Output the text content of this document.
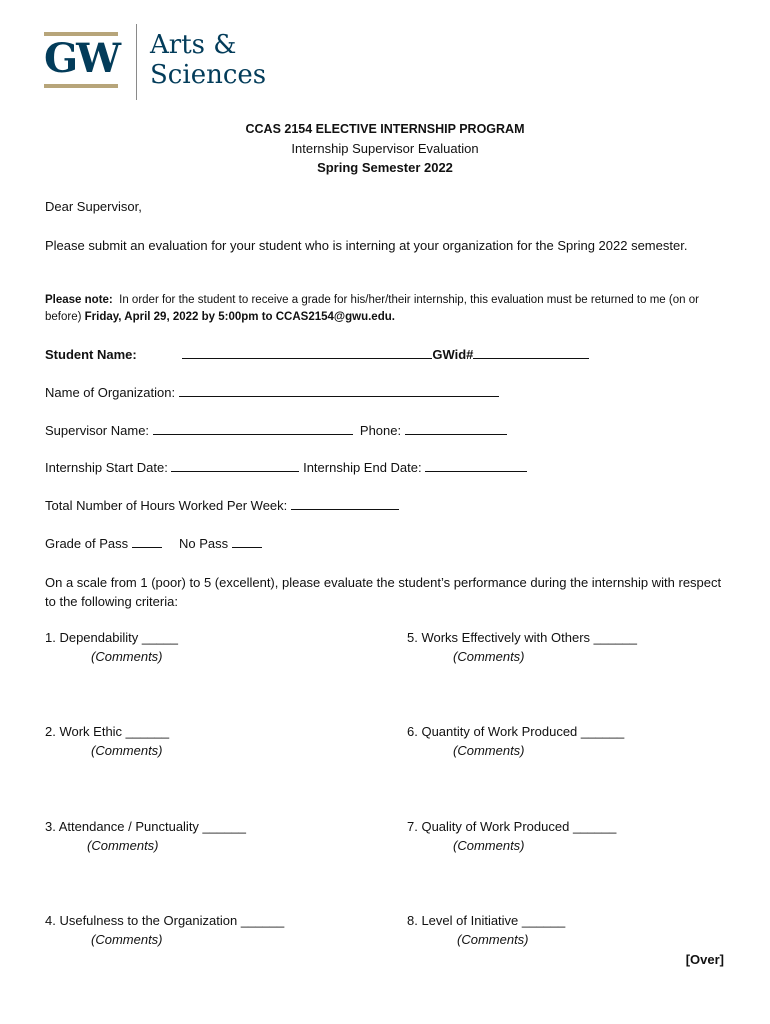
GW Arts &
Sciences
CCAS 2154 ELECTIVE INTERNSHIP PROGRAM
Internship Supervisor Evaluation
Spring Semester 2022
Dear Supervisor,
Please submit an evaluation for your student who is interning at your organization for the Spring 2022 semester.
Please note: In order for the student to receive a grade for his/her/their internship, this evaluation must be returned to me (on or before) Friday, April 29, 2022 by 5:00pm to CCAS2154@gwu.edu.
Student Name:	GWid#
Name of Organization:
Supervisor Name:	Phone:
Internship Start Date:	Internship End Date:
Total Number of Hours Worked Per Week:
Grade of Pass	No Pass
On a scale from 1 (poor) to 5 (excellent), please evaluate the student’s performance during the internship with respect to the following criteria:
1. Dependability _____
(Comments)
2. Work Ethic ______
(Comments)
3. Attendance / Punctuality ______
(Comments)
4. Usefulness to the Organization ______
(Comments)
5. Works Effectively with Others ______
(Comments)
6. Quantity of Work Produced ______
(Comments)
7. Quality of Work Produced ______
(Comments)
8. Level of Initiative ______
(Comments)
[Over]
